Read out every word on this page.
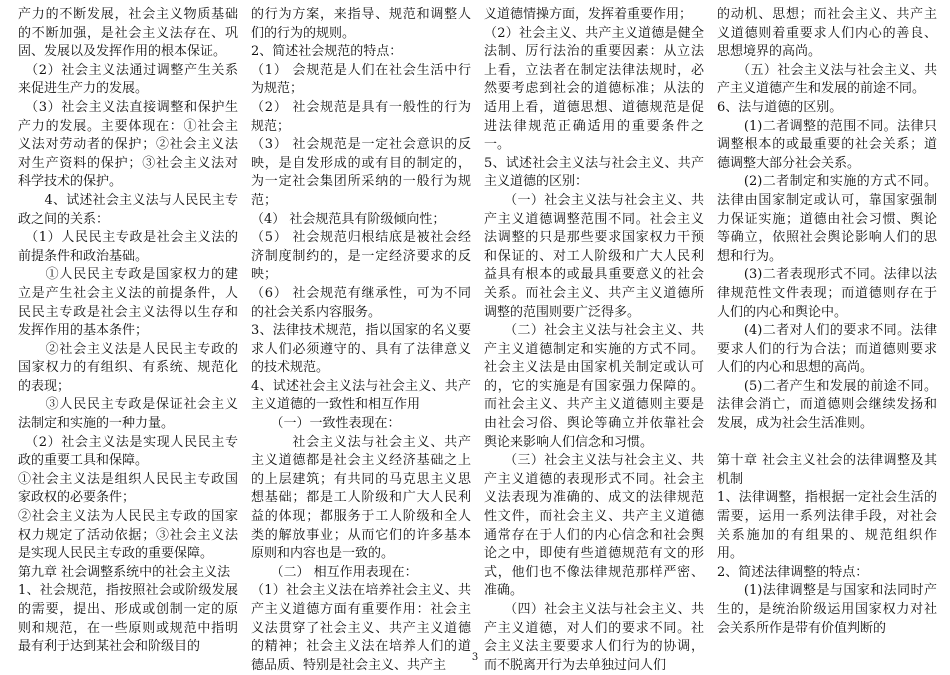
产力的不断发展，社会主义物质基础的不断加强，是社会主义法存在、巩固、发展以及发挥作用的根本保证。

　（2）社会主义法通过调整产生关系来促进生产力的发展。

　（3）社会主义法直接调整和保护生产力的发展。主要体现在：①社会主义法对劳动者的保护；②社会主义法对生产资料的保护；③社会主义法对科学技术的保护。

　　4、试述社会主义法与人民民主专政之间的关系：

　（1）人民民主专政是社会主义法的前提条件和政治基础。

　　①人民民主专政是国家权力的建立是产生社会主义法的前提条件，人民民主专政是社会主义法得以生存和发挥作用的基本条件；

　　②社会主义法是人民民主专政的国家权力的有组织、有系统、规范化的表现；

　　③人民民主专政是保证社会主义法制定和实施的一种力量。

　（2）社会主义法是实现人民民主专政的重要工具和保障。

①社会主义法是组织人民民主专政国家政权的必要条件；

②社会主义法为人民民主专政的国家权力规定了活动依据；③社会主义法是实现人民民主专政的重要保障。

第九章 社会调整系统中的社会主义法

1、社会规范，指按照社会或阶级发展的需要，提出、形成或创制一定的原则和规范，在一些原则或规范中指明最有利于达到某社会和阶级目的

的行为方案，来指导、规范和调整人们的行为的规则。

2、简述社会规范的特点：

（1） 会规范是人们在社会生活中行为规范；

（2） 社会规范是具有一般性的行为规范；

（3） 社会规范是一定社会意识的反映，是自发形成的或有目的制定的，为一定社会集团所采纳的一般行为规范；

（4） 社会规范具有阶级倾向性；

（5） 社会规范归根结底是被社会经济制度制约的，是一定经济要求的反映；

（6） 社会规范有继承性，可为不同的社会关系内容服务。

3、法律技术规范，指以国家的名义要求人们必须遵守的、具有了法律意义的技术规范。

4、试述社会主义法与社会主义、共产主义道德的一致性和相互作用

　　（一）一致性表现在：

　　　社会主义法与社会主义、共产主义道德都是社会主义经济基础之上的上层建筑；有共同的马克思主义思想基础；都是工人阶级和广大人民利益的体现；都服务于工人阶级和全人类的解放事业；从而它们的许多基本原则和内容也是一致的。

　　（二） 相互作用表现在：

（1）社会主义法在培养社会主义、共产主义道德方面有重要作用：社会主义法贯穿了社会主义、共产主义道德的精神；社会主义法在培养人们的道德品质、特别是社会主义、共产主

义道德情操方面，发挥着重要作用；

（2）社会主义、共产主义道德是健全法制、厉行法治的重要因素：从立法上看，立法者在制定法律法规时，必然要考虑到社会的道德标准；从法的适用上看，道德思想、道德规范是促进法律规范正确适用的重要条件之一。

5、试述社会主义法与社会主义、共产主义道德的区别：

　　（一）社会主义法与社会主义、共产主义道德调整范围不同。社会主义法调整的只是那些要求国家权力干预和保证的、对工人阶级和广大人民利益具有根本的或最具重要意义的社会关系。而社会主义、共产主义道德所调整的范围则要广泛得多。

　　（二）社会主义法与社会主义、共产主义道德制定和实施的方式不同。社会主义法是由国家机关制定或认可的，它的实施是有国家强力保障的。而社会主义、共产主义道德则主要是由社会习俗、舆论等确立并依靠社会舆论来影响人们信念和习惯。

　　（三）社会主义法与社会主义、共产主义道德的表现形式不同。社会主义法表现为准确的、成文的法律规范性文件，而社会主义、共产主义道德通常存在于人们的内心信念和社会舆论之中，即使有些道德规范有文的形式，他们也不像法律规范那样严密、准确。

　　（四）社会主义法与社会主义、共产主义道德，对人们的要求不同。社会主义法主要要求人们行为的协调，而不脱离开行为去单独过问人们

的动机、思想；而社会主义、共产主义道德则着重要求人们内心的善良、思想境界的高尚。

　　（五）社会主义法与社会主义、共产主义道德产生和发展的前途不同。

6、法与道德的区别。

　　(1)二者调整的范围不同。法律只调整根本的或最重要的社会关系；道德调整大部分社会关系。

　　(2)二者制定和实施的方式不同。法律由国家制定或认可，靠国家强制力保证实施；道德由社会习惯、舆论等确立，依照社会舆论影响人们的思想和行为。

　　(3)二者表现形式不同。法律以法律规范性文件表现；而道德则存在于人们的内心和舆论中。

　　(4)二者对人们的要求不同。法律要求人们的行为合法；而道德则要求人们的内心和思想的高尚。

　　(5)二者产生和发展的前途不同。法律会消亡，而道德则会继续发扬和发展，成为社会生活准则。

第十章 社会主义社会的法律调整及其机制

1、法律调整，指根据一定社会生活的需要，运用一系列法律手段，对社会关系施加的有组果的、规范组织作用。

2、简述法律调整的特点：

　　(1)法律调整是与国家和法同时产生的，是统治阶级运用国家权力对社会关系所作是带有价值判断的

3
